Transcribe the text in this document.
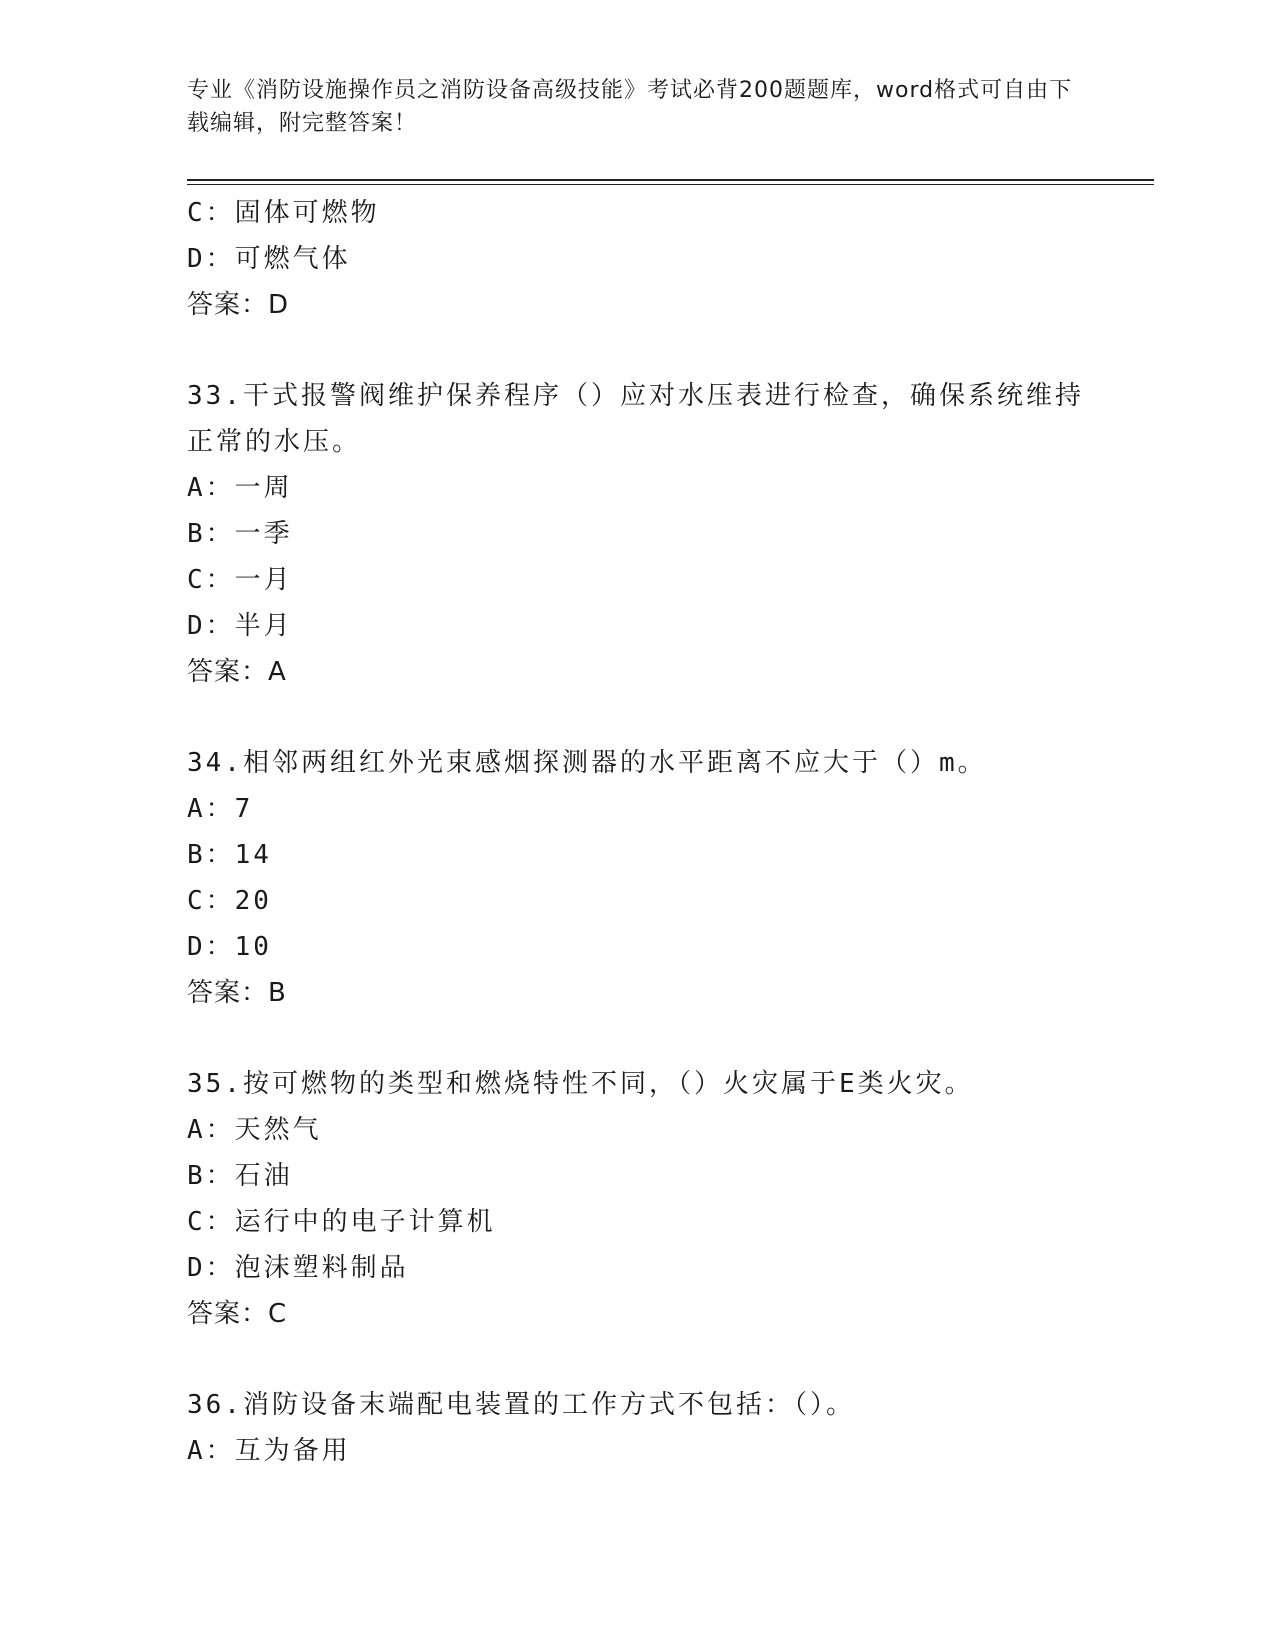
专业《消防设施操作员之消防设备高级技能》考试必背200题题库，word格式可自由下载编辑，附完整答案！
C：固体可燃物
D：可燃气体
答案：D
33.干式报警阀维护保养程序（）应对水压表进行检查，确保系统维持正常的水压。
A：一周
B：一季
C：一月
D：半月
答案：A
34.相邻两组红外光束感烟探测器的水平距离不应大于（）m。
A：7
B：14
C：20
D：10
答案：B
35.按可燃物的类型和燃烧特性不同，（）火灾属于E类火灾。
A：天然气
B：石油
C：运行中的电子计算机
D：泡沫塑料制品
答案：C
36.消防设备末端配电装置的工作方式不包括：（）。
A：互为备用
